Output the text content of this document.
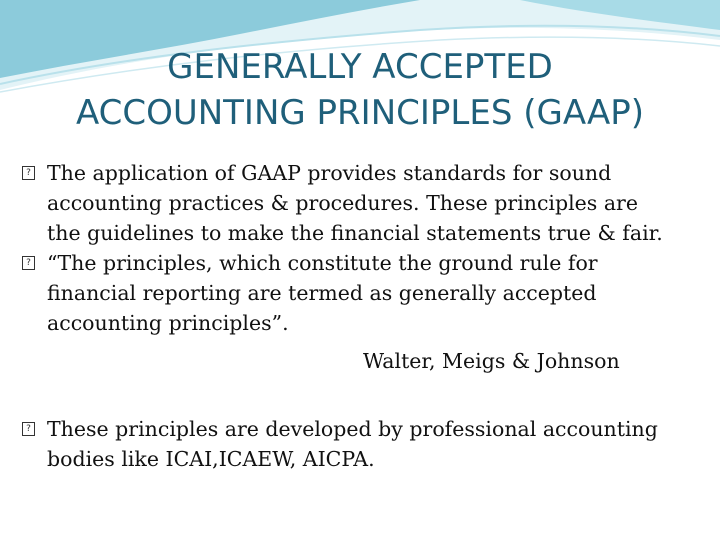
GENERALLY ACCEPTED
ACCOUNTING PRINCIPLES (GAAP)
? The application of GAAP provides standards for sound
accounting practices & procedures. These principles are
the guidelines to make the financial statements true & fair.
? “The principles, which constitute the ground rule for
financial reporting are termed as generally accepted
accounting principles”.
Walter, Meigs & Johnson
? These principles are developed by professional accounting
bodies like ICAI,ICAEW, AICPA.
